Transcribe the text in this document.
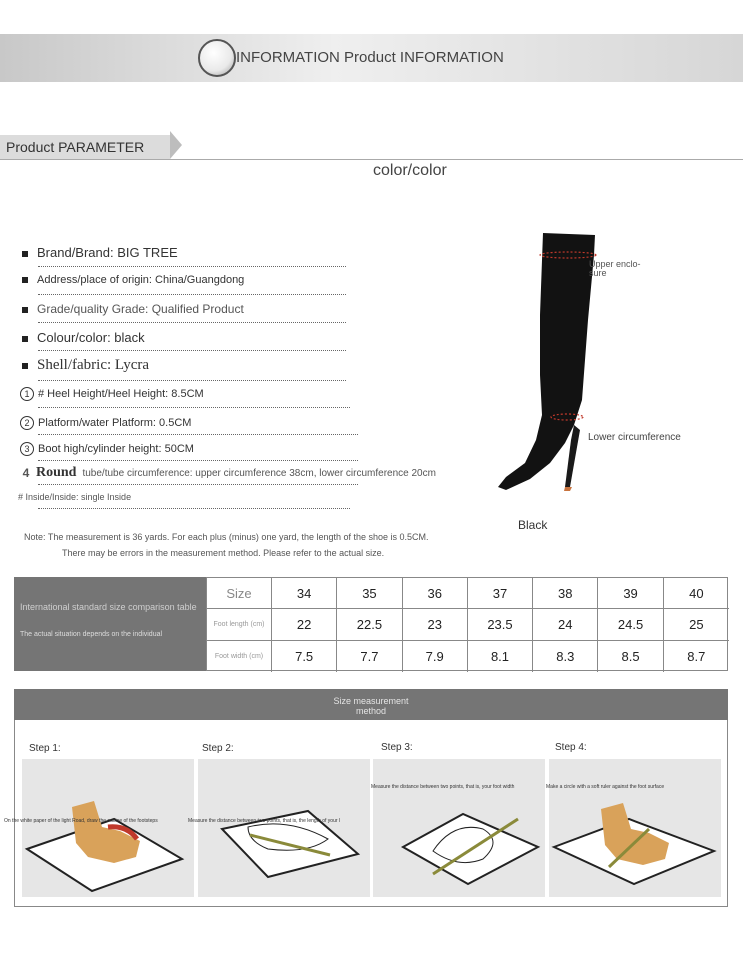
INFORMATION Product INFORMATION
Product PARAMETER
color/color
Brand/Brand: BIG TREE
Address/place of origin: China/Guangdong
Grade/quality Grade: Qualified Product
Colour/color: black
Shell/fabric: Lycra
1 # Heel Height/Heel Height: 8.5CM
2 Platform/water Platform: 0.5CM
3 Boot high/cylinder height: 50CM
4 Round tube/tube circumference: upper circumference 38cm, lower circumference 20cm
# Inside/Inside: single Inside
Note: The measurement is 36 yards. For each plus (minus) one yard, the length of the shoe is 0.5CM.
There may be errors in the measurement method. Please refer to the actual size.
Upper enclo-
sure
Lower circumference
Black
International standard size comparison table
The actual situation depends on the individual
Size	34	35	36	37	38	39	40
Foot length (cm)	22	22.5	23	23.5	24	24.5	25
Foot width (cm)	7.5	7.7	7.9	8.1	8.3	8.5	8.7
Size measurement method
Step 1:	Step 2:	Step 3:	Step 4:
On the white paper of the light Road, draw the outline of the footsteps	Measure the distance between two points, that is, the length of your l
Measure the distance between two points, that is, your foot width	Make a circle with a soft ruler against the foot surface
